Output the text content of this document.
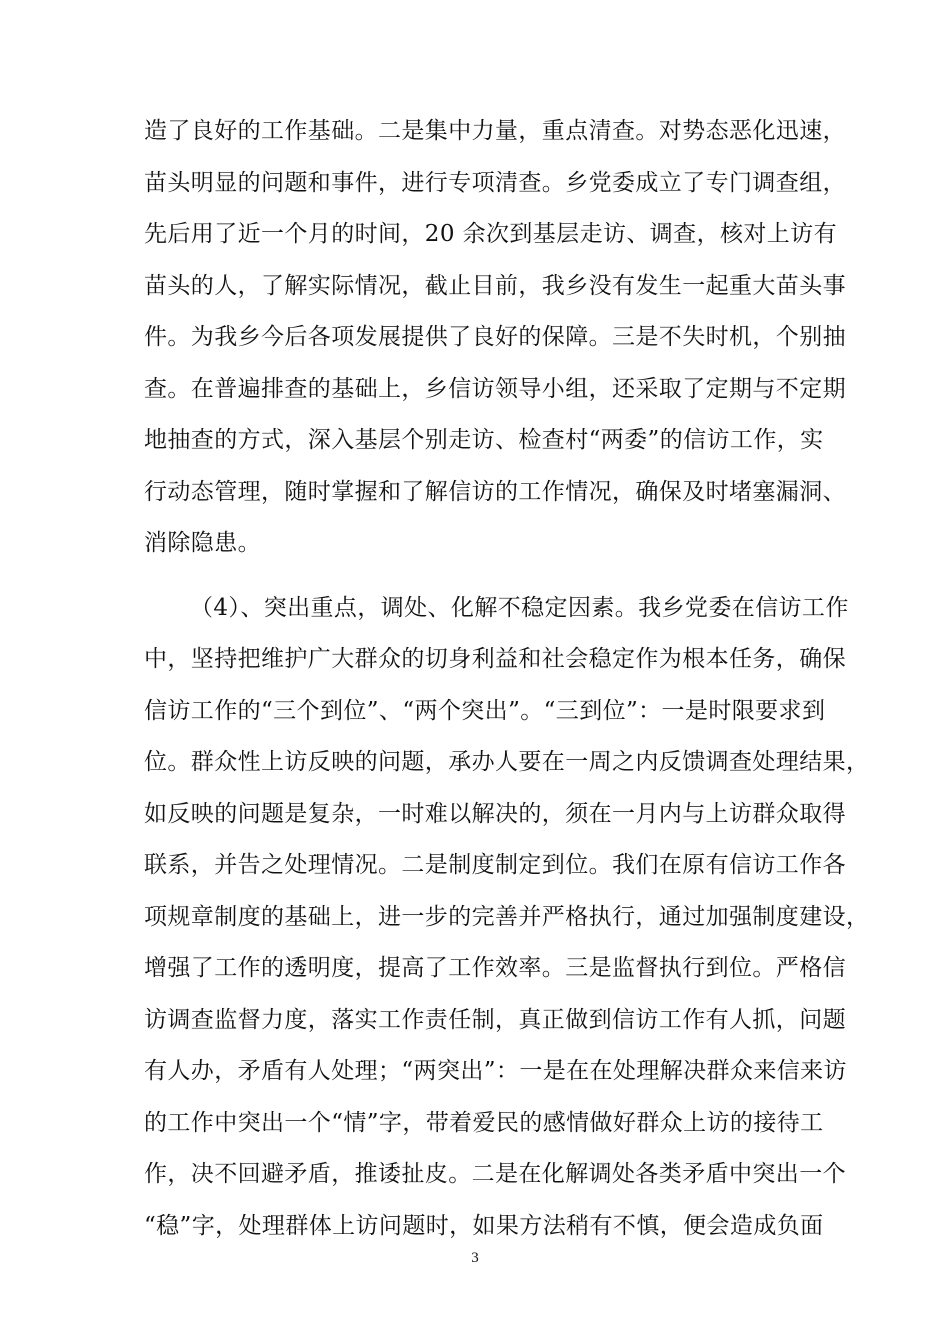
造了良好的工作基础。二是集中力量，重点清查。对势态恶化迅速，
苗头明显的问题和事件，进行专项清查。乡党委成立了专门调查组，
先后用了近一个月的时间，20 余次到基层走访、调查，核对上访有
苗头的人，了解实际情况，截止目前，我乡没有发生一起重大苗头事
件。为我乡今后各项发展提供了良好的保障。三是不失时机，个别抽
查。在普遍排查的基础上，乡信访领导小组，还采取了定期与不定期
地抽查的方式，深入基层个别走访、检查村“两委”的信访工作，实
行动态管理，随时掌握和了解信访的工作情况，确保及时堵塞漏洞、
消除隐患。
（4）、突出重点，调处、化解不稳定因素。我乡党委在信访工作
中，坚持把维护广大群众的切身利益和社会稳定作为根本任务，确保
信访工作的“三个到位”、“两个突出”。“三到位”：一是时限要求到
位。群众性上访反映的问题，承办人要在一周之内反馈调查处理结果，
如反映的问题是复杂，一时难以解决的，须在一月内与上访群众取得
联系，并告之处理情况。二是制度制定到位。我们在原有信访工作各
项规章制度的基础上，进一步的完善并严格执行，通过加强制度建设，
增强了工作的透明度，提高了工作效率。三是监督执行到位。严格信
访调查监督力度，落实工作责任制，真正做到信访工作有人抓，问题
有人办，矛盾有人处理；“两突出”：一是在在处理解决群众来信来访
的工作中突出一个“情”字，带着爱民的感情做好群众上访的接待工
作，决不回避矛盾，推诿扯皮。二是在化解调处各类矛盾中突出一个
“稳”字，处理群体上访问题时，如果方法稍有不慎，便会造成负面
3
